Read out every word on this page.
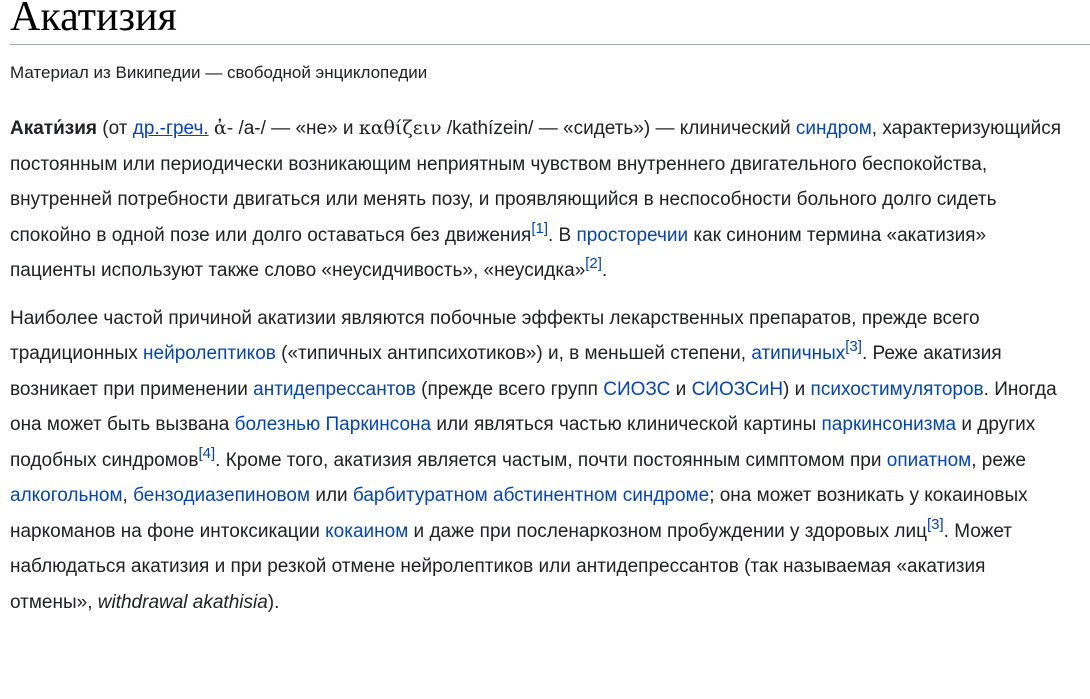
Акатизия
Материал из Википедии — свободной энциклопедии

Акати́зия (от др.-греч. ἀ- /a-/ — «не» и καθίζειν /kathízein/ — «сидеть») — клинический синдром, характеризующийся постоянным или периодически возникающим неприятным чувством внутреннего двигательного беспокойства, внутренней потребности двигаться или менять позу, и проявляющийся в неспособности больного долго сидеть спокойно в одной позе или долго оставаться без движения[1]. В просторечии как синоним термина «акатизия» пациенты используют также слово «неусидчивость», «неусидка»[2].

Наиболее частой причиной акатизии являются побочные эффекты лекарственных препаратов, прежде всего традиционных нейролептиков («типичных антипсихотиков») и, в меньшей степени, атипичных[3]. Реже акатизия возникает при применении антидепрессантов (прежде всего групп СИОЗС и СИОЗСиН) и психостимуляторов. Иногда она может быть вызвана болезнью Паркинсона или являться частью клинической картины паркинсонизма и других подобных синдромов[4]. Кроме того, акатизия является частым, почти постоянным симптомом при опиатном, реже алкогольном, бензодиазепиновом или барбитуратном абстинентном синдроме; она может возникать у кокаиновых наркоманов на фоне интоксикации кокаином и даже при посленаркозном пробуждении у здоровых лиц[3]. Может наблюдаться акатизия и при резкой отмене нейролептиков или антидепрессантов (так называемая «акатизия отмены», withdrawal akathisia).
